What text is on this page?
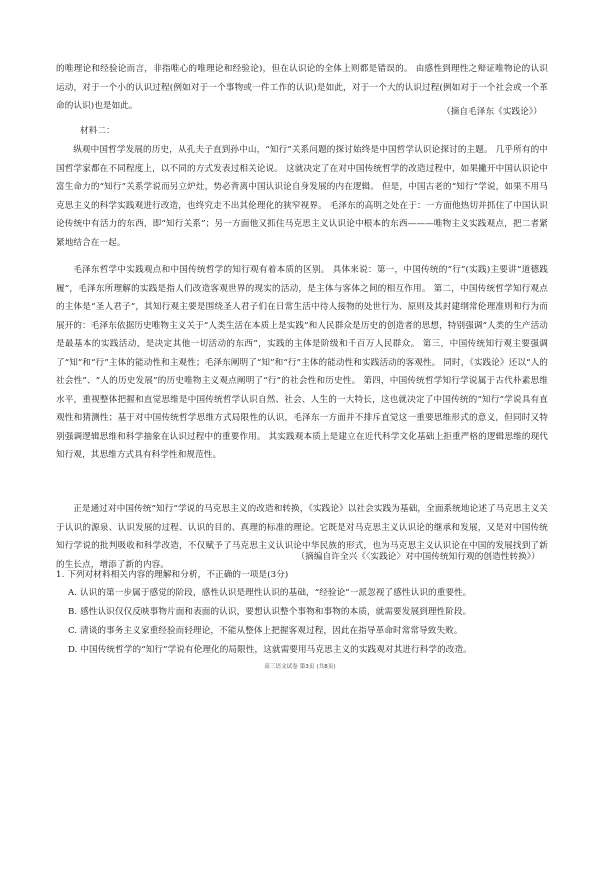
的唯理论和经验论而言，非指唯心的唯理论和经验论)，但在认识论的全体上则都是错误的。 由感性到理性之辩证唯物论的认识运动，对于一个小的认识过程(例如对于一个事物或一件工作的认识)是如此，对于一个大的认识过程(例如对于一个社会或一个革命的认识)也是如此。

（摘自毛泽东《实践论》）

材料二：

纵观中国哲学发展的历史，从孔夫子直到孙中山，“知行”关系问题的探讨始终是中国哲学认识论探讨的主题。 几乎所有的中国哲学家都在不同程度上，以不同的方式发表过相关论说。 这就决定了在对中国传统哲学的改造过程中，如果撇开中国认识论中富生命力的“知行”关系学说而另立炉灶，势必背离中国认识论自身发展的内在逻辑。 但是，中国古老的“知行”学说，如果不用马克思主义的科学实践观进行改造，也终究走不出其伦理化的狭窄视界。 毛泽东的高明之处在于：一方面他热切并抓住了中国认识论传统中有活力的东西，即“知行关系”；另一方面他又抓住马克思主义认识论中根本的东西———唯物主义实践观点，把二者紧紧地结合在一起。

毛泽东哲学中实践观点和中国传统哲学的知行观有着本质的区别。 具体来说：第一，中国传统的“行”(实践)主要讲“道德践履”，毛泽东所理解的实践是指人们改造客观世界的现实的活动，是主体与客体之间的相互作用。 第二，中国传统哲学知行观点的主体是“圣人君子”，其知行观主要是围绕圣人君子们在日常生活中待人接物的处世行为、原则及其封建纲常伦理准则和行为而展开的：毛泽东依据历史唯物主义关于“人类生活在本质上是实践”和人民群众是历史的创造者的思想，特别强调“人类的生产活动是最基本的实践活动，是决定其他一切活动的东西”，实践的主体是阶级和千百万人民群众。 第三，中国传统知行观主要强调了“知”和“行”主体的能动性和主观性；毛泽东阐明了“知”和“行”主体的能动性和实践活动的客观性。 同时，《实践论》还以“人的社会性”、“人的历史发展”的历史唯物主义观点阐明了“行”的社会性和历史性。 第四，中国传统哲学知行学说属于古代朴素思维水平，重视整体把握和直觉思维是中国传统哲学认识自然、社会、人生的一大特长，这也就决定了中国传统的“知行”学说具有直观性和猜测性；基于对中国传统哲学思维方式局限性的认识，毛泽东一方面并不排斥直觉这一重要思维形式的意义，但同时又特别强调逻辑思维和科学抽象在认识过程中的重要作用。 其实践观本质上是建立在近代科学文化基础上拒重严格的逻辑思维的现代知行观，其思维方式具有科学性和规范性。

正是通过对中国传统“知行”学说的马克思主义的改造和转换，《实践论》以社会实践为基础，全面系统地论述了马克思主义关于认识的源泉、认识发展的过程、认识的目的、真理的标准的理论。它既是对马克思主义认识论的继承和发展，又是对中国传统知行学说的批判吸收和科学改造，不仅赋予了马克思主义认识论中华民族的形式，也为马克思主义认识论在中国的发展找到了新的生长点，增添了新的内容。

（摘编自许全兴《〈实践论〉对中国传统知行观的创造性转换》）

1. 下列对材料相关内容的理解和分析，不正确的一项是(3分)

A. 认识的第一步属于感觉的阶段，感性认识是理性认识的基础，“经验论”一派忽视了感性认识的重要性。

B. 感性认识仅仅反映事物片面和表面的认识，要想认识整个事物和事物的本质，就需要发展到理性阶段。

C. 清谈的事务主义家重经验而轻理论，不能从整体上把握客观过程，因此在指导革命时常常导致失败。

D. 中国传统哲学的“知行”学说有伦理化的局限性，这就需要用马克思主义的实践观对其进行科学的改造。

高三语文试卷 第3页 (共8页)
